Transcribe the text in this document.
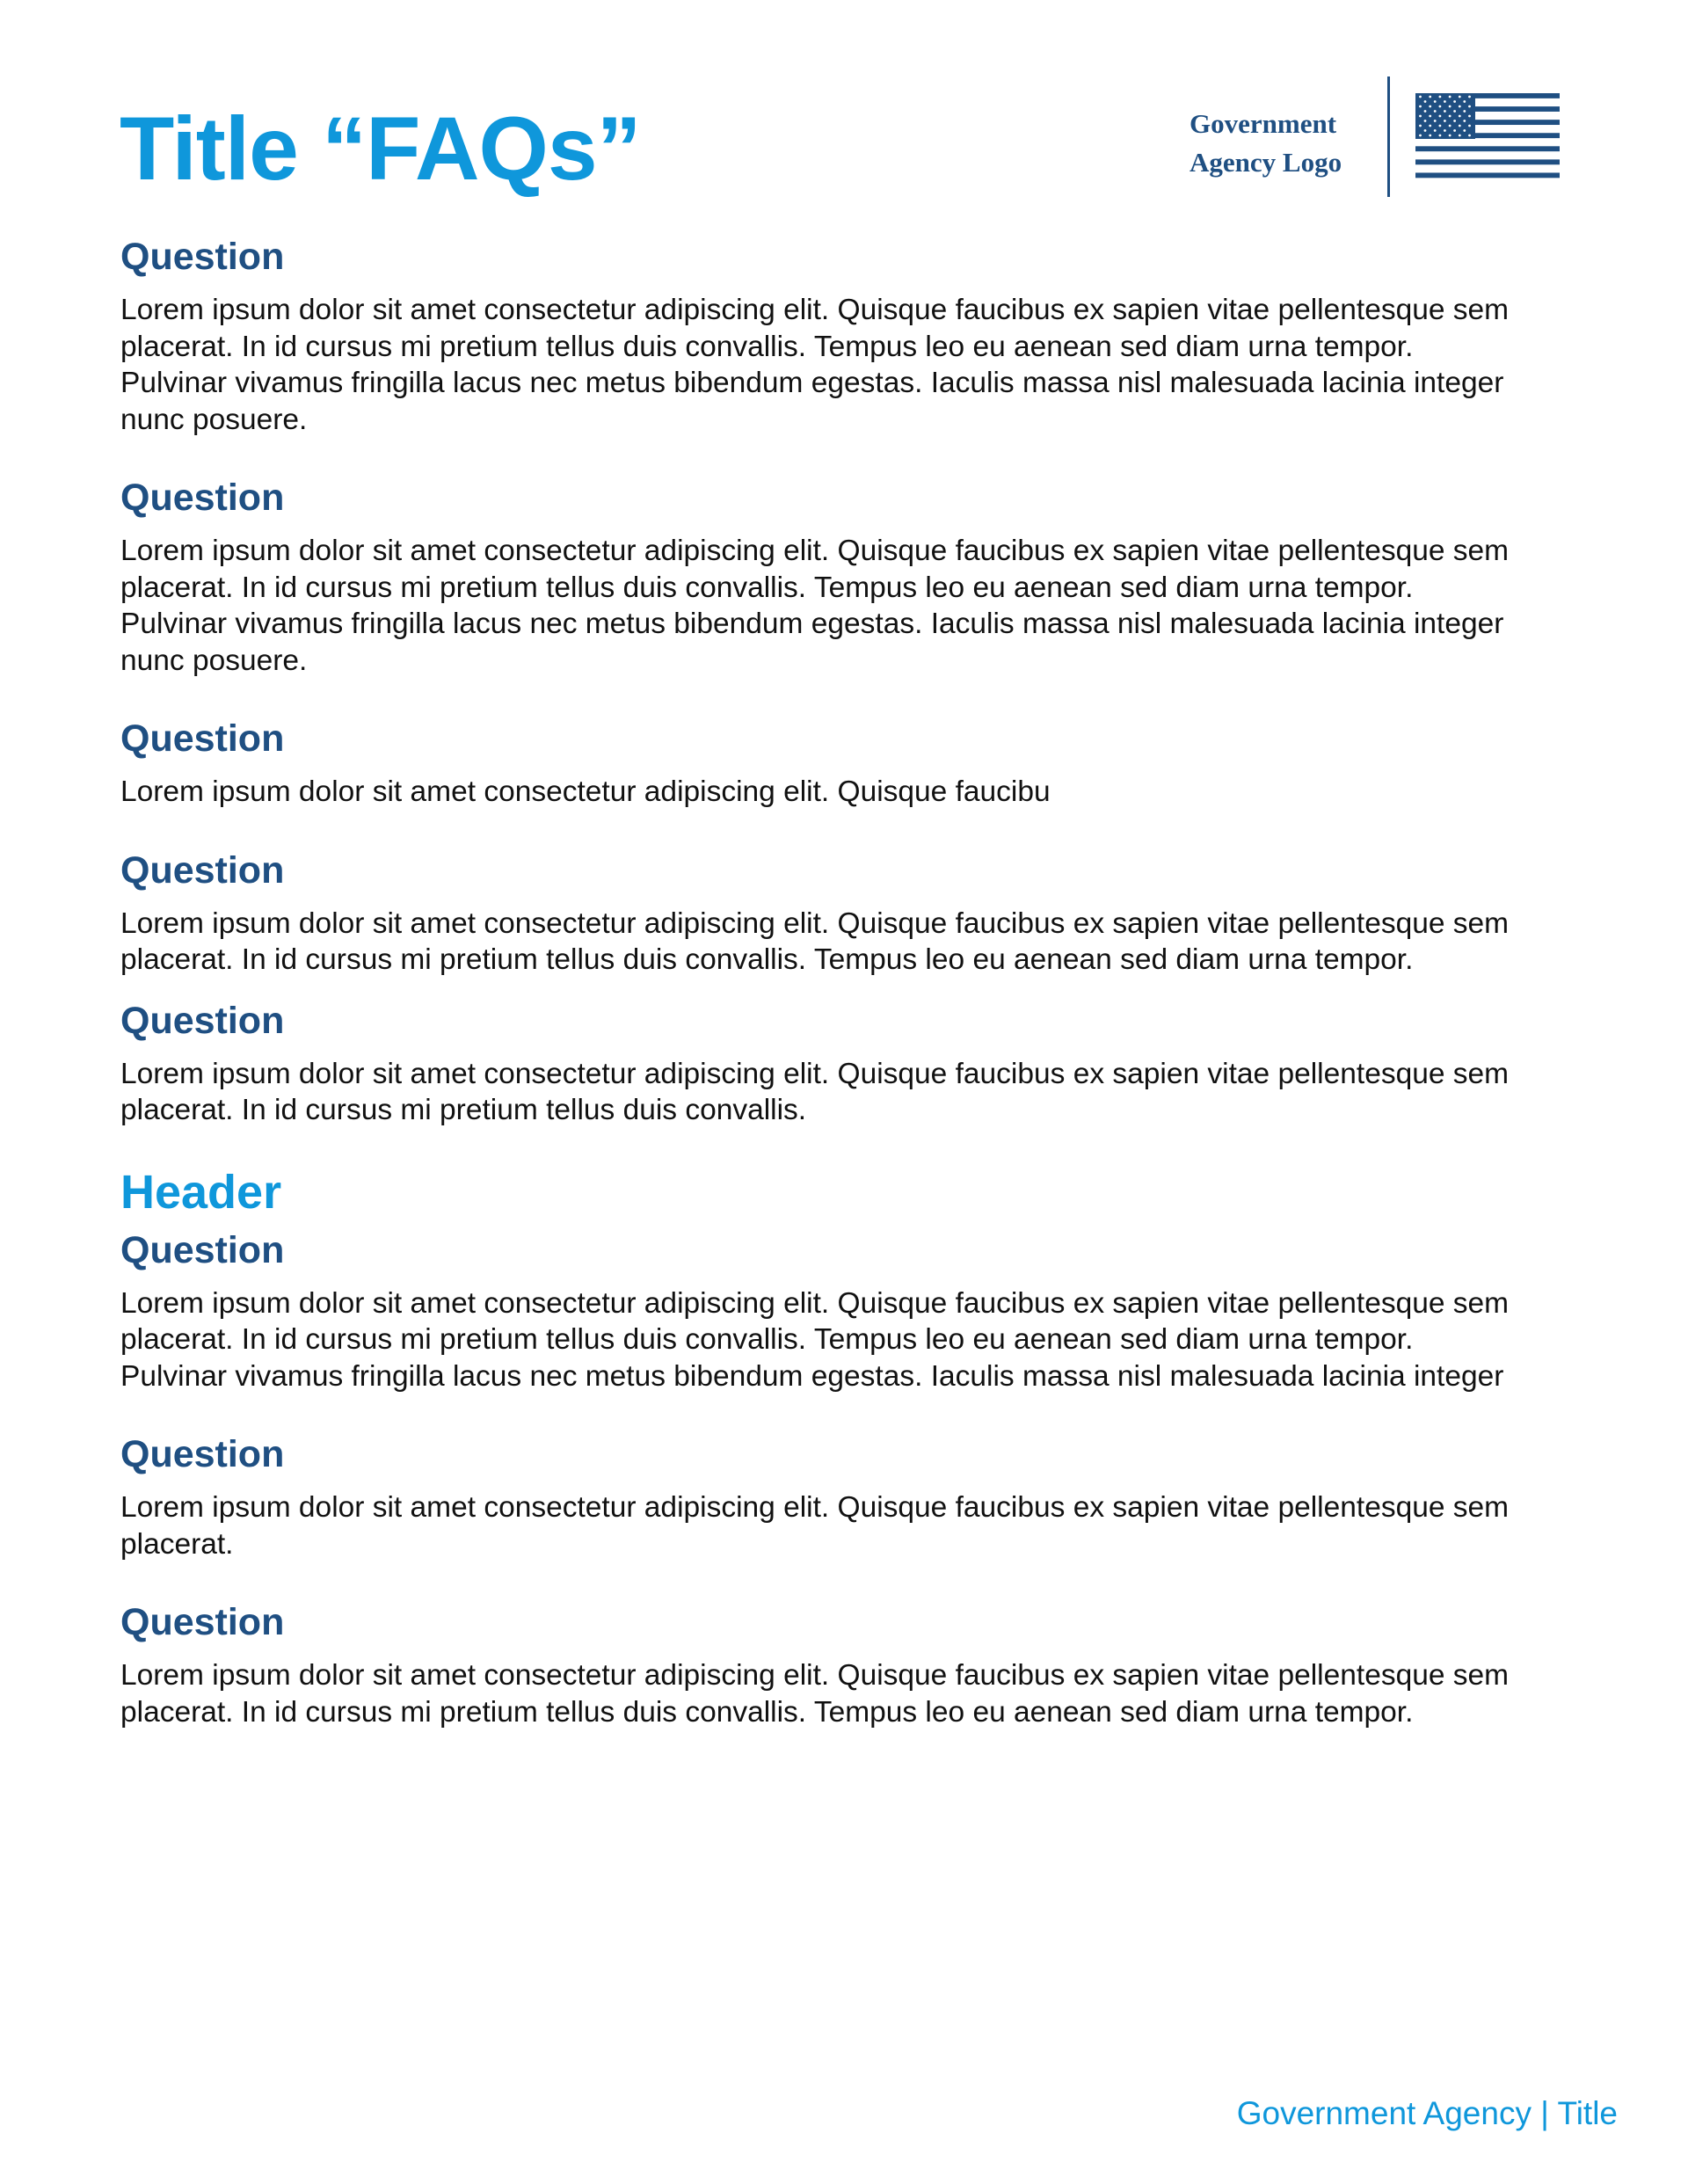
Title “FAQs”	Government
Agency Logo
Question
Lorem ipsum dolor sit amet consectetur adipiscing elit. Quisque faucibus ex sapien vitae pellentesque sem
placerat. In id cursus mi pretium tellus duis convallis. Tempus leo eu aenean sed diam urna tempor.
Pulvinar vivamus fringilla lacus nec metus bibendum egestas. Iaculis massa nisl malesuada lacinia integer
nunc posuere.
Question
Lorem ipsum dolor sit amet consectetur adipiscing elit. Quisque faucibus ex sapien vitae pellentesque sem
placerat. In id cursus mi pretium tellus duis convallis. Tempus leo eu aenean sed diam urna tempor.
Pulvinar vivamus fringilla lacus nec metus bibendum egestas. Iaculis massa nisl malesuada lacinia integer
nunc posuere.
Question
Lorem ipsum dolor sit amet consectetur adipiscing elit. Quisque faucibu
Question
Lorem ipsum dolor sit amet consectetur adipiscing elit. Quisque faucibus ex sapien vitae pellentesque sem
placerat. In id cursus mi pretium tellus duis convallis. Tempus leo eu aenean sed diam urna tempor.
Question
Lorem ipsum dolor sit amet consectetur adipiscing elit. Quisque faucibus ex sapien vitae pellentesque sem
placerat. In id cursus mi pretium tellus duis convallis.
Header
Question
Lorem ipsum dolor sit amet consectetur adipiscing elit. Quisque faucibus ex sapien vitae pellentesque sem
placerat. In id cursus mi pretium tellus duis convallis. Tempus leo eu aenean sed diam urna tempor.
Pulvinar vivamus fringilla lacus nec metus bibendum egestas. Iaculis massa nisl malesuada lacinia integer
Question
Lorem ipsum dolor sit amet consectetur adipiscing elit. Quisque faucibus ex sapien vitae pellentesque sem
placerat.
Question
Lorem ipsum dolor sit amet consectetur adipiscing elit. Quisque faucibus ex sapien vitae pellentesque sem
placerat. In id cursus mi pretium tellus duis convallis. Tempus leo eu aenean sed diam urna tempor.
Government Agency | Title
